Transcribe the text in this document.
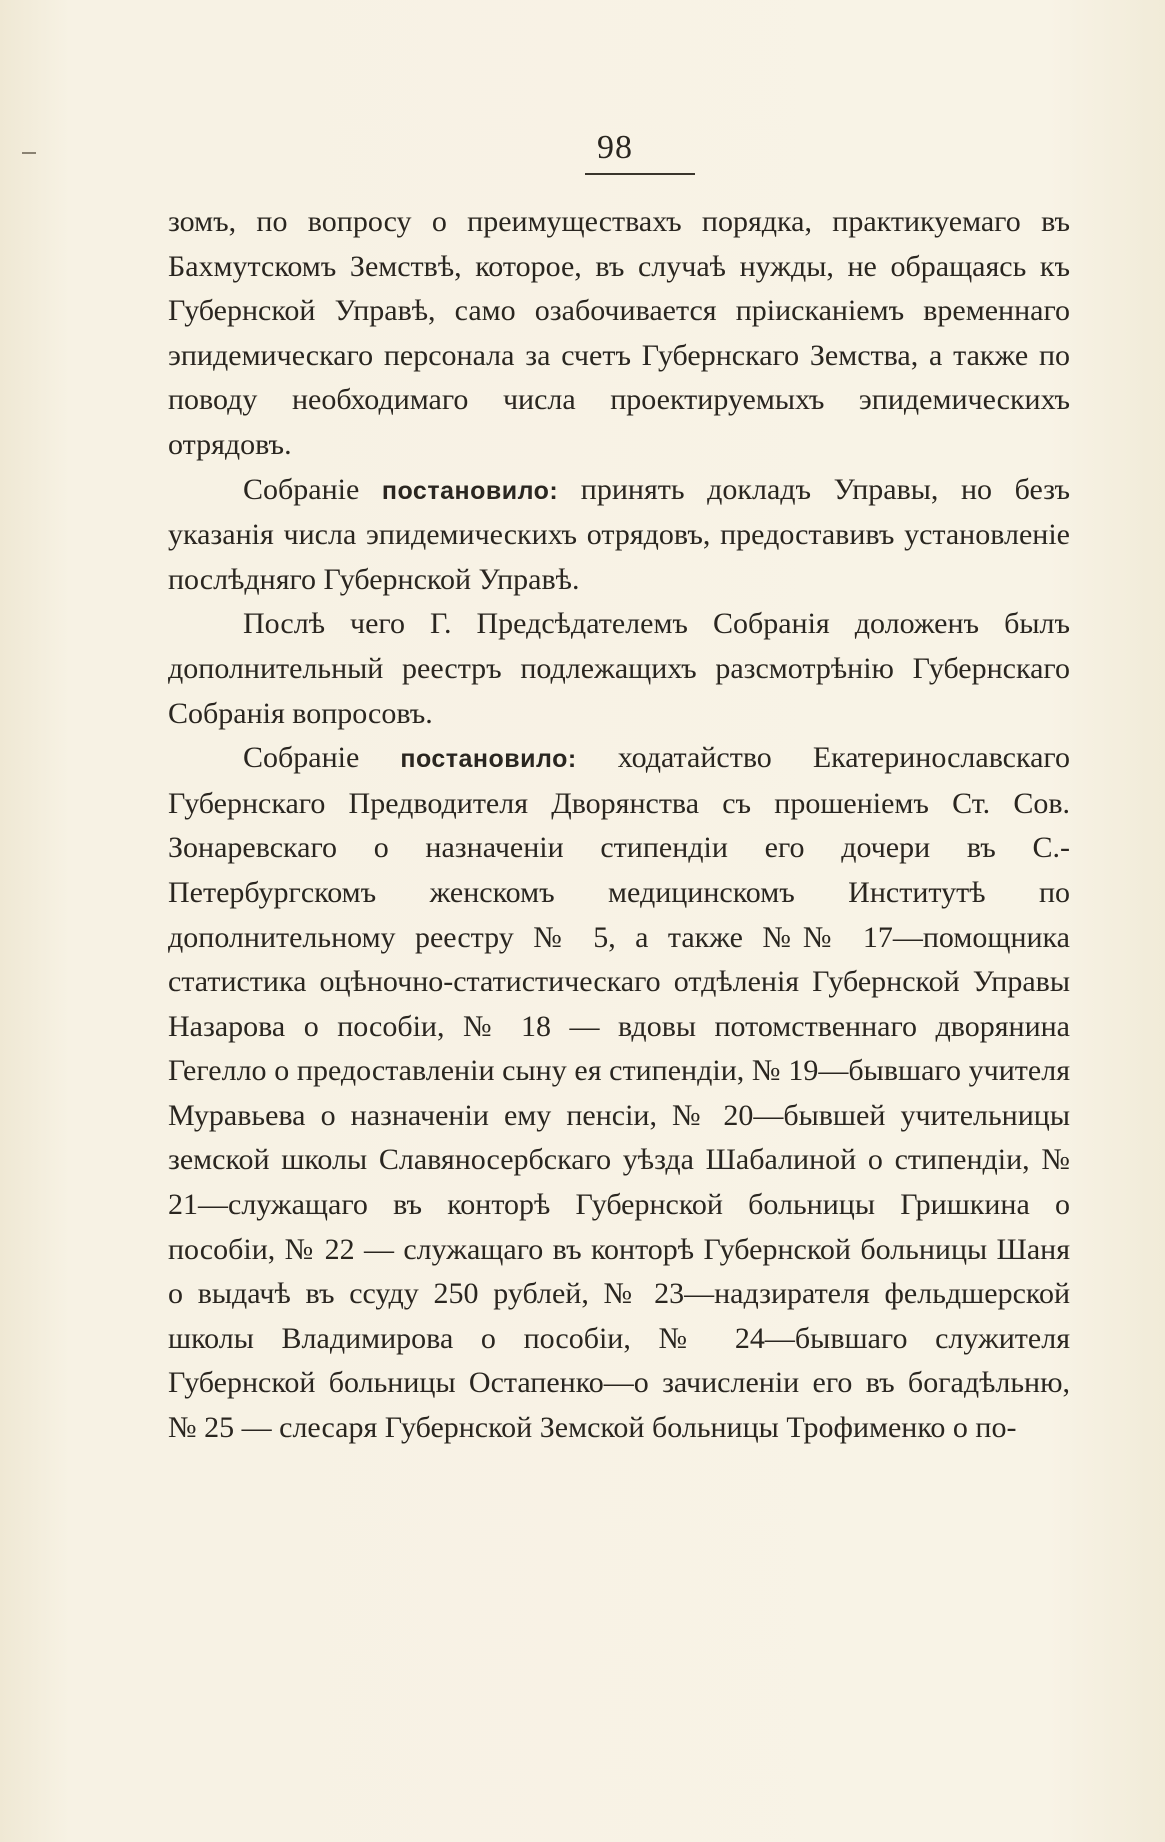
98

зомъ, по вопросу о преимуществахъ порядка, практикуемаго въ Бахмутскомъ Земствѣ, которое, въ случаѣ нужды, не обращаясь къ Губернской Управѣ, само озабочивается пріисканіемъ временнаго эпидемическаго персонала за счетъ Губернскаго Земства, а также по поводу необходимаго числа проектируемыхъ эпидемическихъ отрядовъ.

Собраніе постановило: принять докладъ Управы, но безъ указанія числа эпидемическихъ отрядовъ, предоставивъ установленіе послѣдняго Губернской Управѣ.

Послѣ чего Г. Предсѣдателемъ Собранія доложенъ былъ дополнительный реестръ подлежащихъ разсмотрѣнію Губернскаго Собранія вопросовъ.

Собраніе постановило: ходатайство Екатеринославскаго Губернскаго Предводителя Дворянства съ прошеніемъ Ст. Сов. Зонаревскаго о назначеніи стипендіи его дочери въ С.-Петербургскомъ женскомъ медицинскомъ Институтѣ по дополнительному реестру № 5, а также №№ 17—помощника статистика оцѣночно-статистическаго отдѣленія Губернской Управы Назарова о пособіи, № 18 — вдовы потомственнаго дворянина Гегелло о предоставленіи сыну ея стипендіи, № 19—бывшаго учителя Муравьева о назначеніи ему пенсіи, № 20—бывшей учительницы земской школы Славяносербскаго уѣзда Шабалиной о стипендіи, № 21—служащаго въ конторѣ Губернской больницы Гришкина о пособіи, № 22 — служащаго въ конторѣ Губернской больницы Шаня о выдачѣ въ ссуду 250 рублей, № 23—надзирателя фельдшерской школы Владимирова о пособіи, № 24—бывшаго служителя Губернской больницы Остапенко—о зачисленіи его въ богадѣльню, № 25 — слесаря Губернской Земской больницы Трофименко о по-
